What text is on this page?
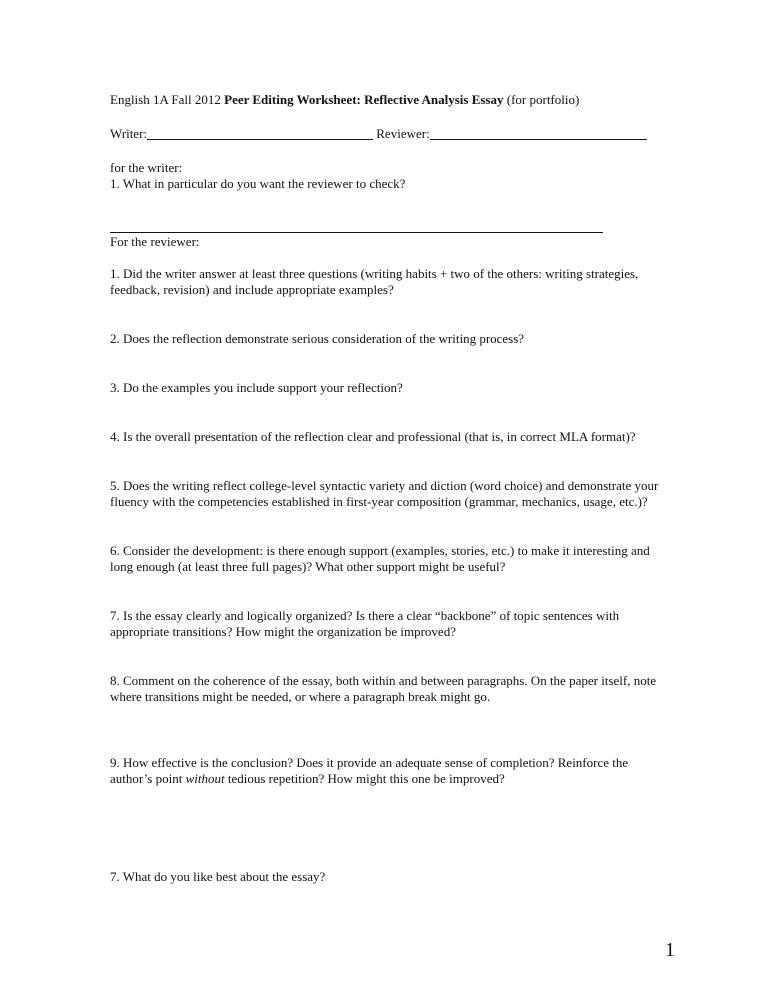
English 1A Fall 2012 Peer Editing Worksheet: Reflective Analysis Essay (for portfolio)

Writer:	Reviewer:

for the writer:

1. What in particular do you want the reviewer to check?

For the reviewer:

1. Did the writer answer at least three questions (writing habits + two of the others: writing strategies, feedback, revision) and include appropriate examples?

2. Does the reflection demonstrate serious consideration of the writing process?

3. Do the examples you include support your reflection?

4. Is the overall presentation of the reflection clear and professional (that is, in correct MLA format)?

5. Does the writing reflect college-level syntactic variety and diction (word choice) and demonstrate your fluency with the competencies established in first-year composition (grammar, mechanics, usage, etc.)?

6. Consider the development: is there enough support (examples, stories, etc.) to make it interesting and long enough (at least three full pages)? What other support might be useful?

7. Is the essay clearly and logically organized? Is there a clear “backbone” of topic sentences with appropriate transitions? How might the organization be improved?

8. Comment on the coherence of the essay, both within and between paragraphs. On the paper itself, note where transitions might be needed, or where a paragraph break might go.

9. How effective is the conclusion? Does it provide an adequate sense of completion? Reinforce the author’s point without tedious repetition? How might this one be improved?

7. What do you like best about the essay?

1
